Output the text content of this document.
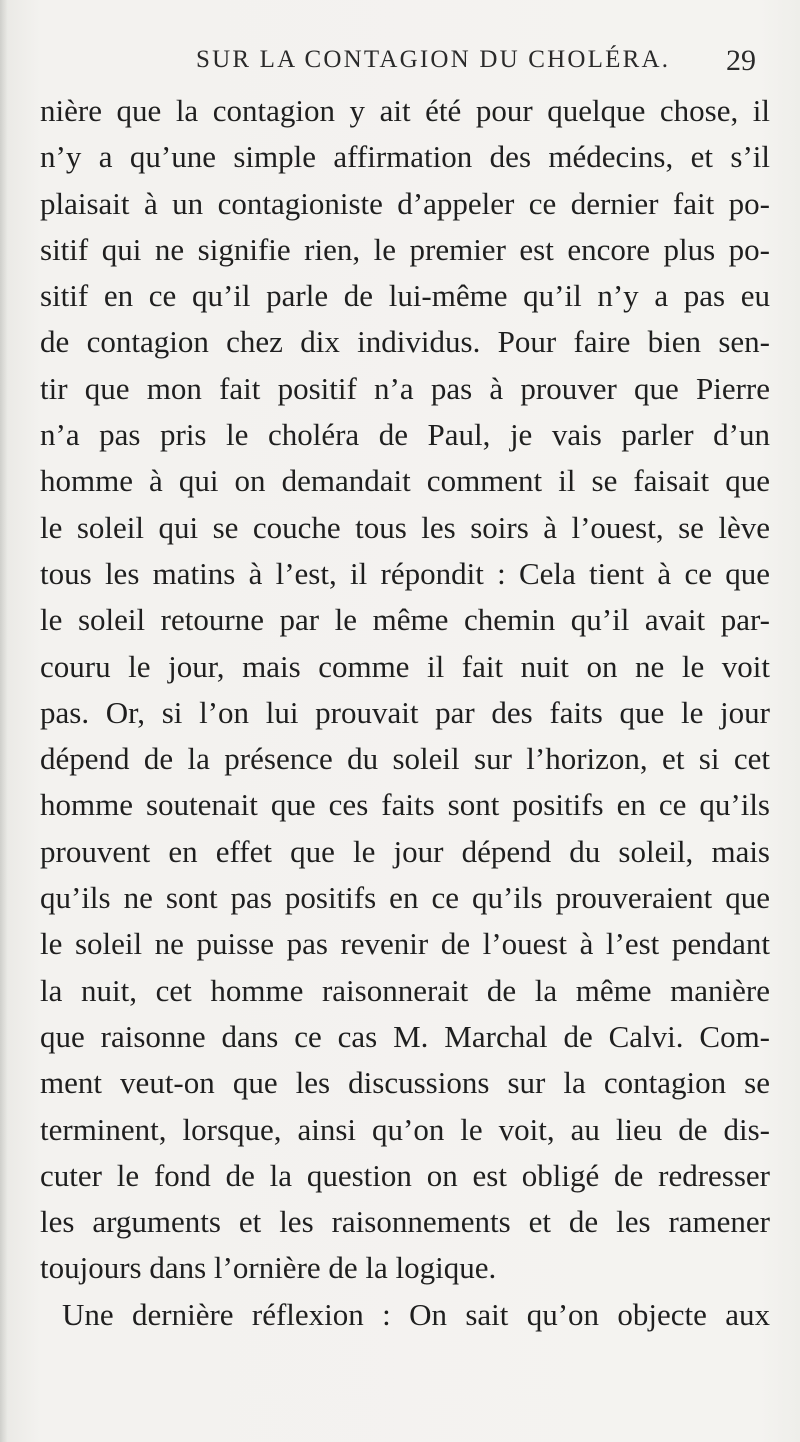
SUR LA CONTAGION DU CHOLÉRA. 29
nière que la contagion y ait été pour quelque chose, il
n’y a qu’une simple affirmation des médecins, et s’il
plaisait à un contagioniste d’appeler ce dernier fait po-
sitif qui ne signifie rien, le premier est encore plus po-
sitif en ce qu’il parle de lui-même qu’il n’y a pas eu
de contagion chez dix individus. Pour faire bien sen-
tir que mon fait positif n’a pas à prouver que Pierre
n’a pas pris le choléra de Paul, je vais parler d’un
homme à qui on demandait comment il se faisait que
le soleil qui se couche tous les soirs à l’ouest, se lève
tous les matins à l’est, il répondit : Cela tient à ce que
le soleil retourne par le même chemin qu’il avait par-
couru le jour, mais comme il fait nuit on ne le voit
pas. Or, si l’on lui prouvait par des faits que le jour
dépend de la présence du soleil sur l’horizon, et si cet
homme soutenait que ces faits sont positifs en ce qu’ils
prouvent en effet que le jour dépend du soleil, mais
qu’ils ne sont pas positifs en ce qu’ils prouveraient que
le soleil ne puisse pas revenir de l’ouest à l’est pendant
la nuit, cet homme raisonnerait de la même manière
que raisonne dans ce cas M. Marchal de Calvi. Com-
ment veut-on que les discussions sur la contagion se
terminent, lorsque, ainsi qu’on le voit, au lieu de dis-
cuter le fond de la question on est obligé de redresser
les arguments et les raisonnements et de les ramener
toujours dans l’ornière de la logique.
Une dernière réflexion : On sait qu’on objecte aux
